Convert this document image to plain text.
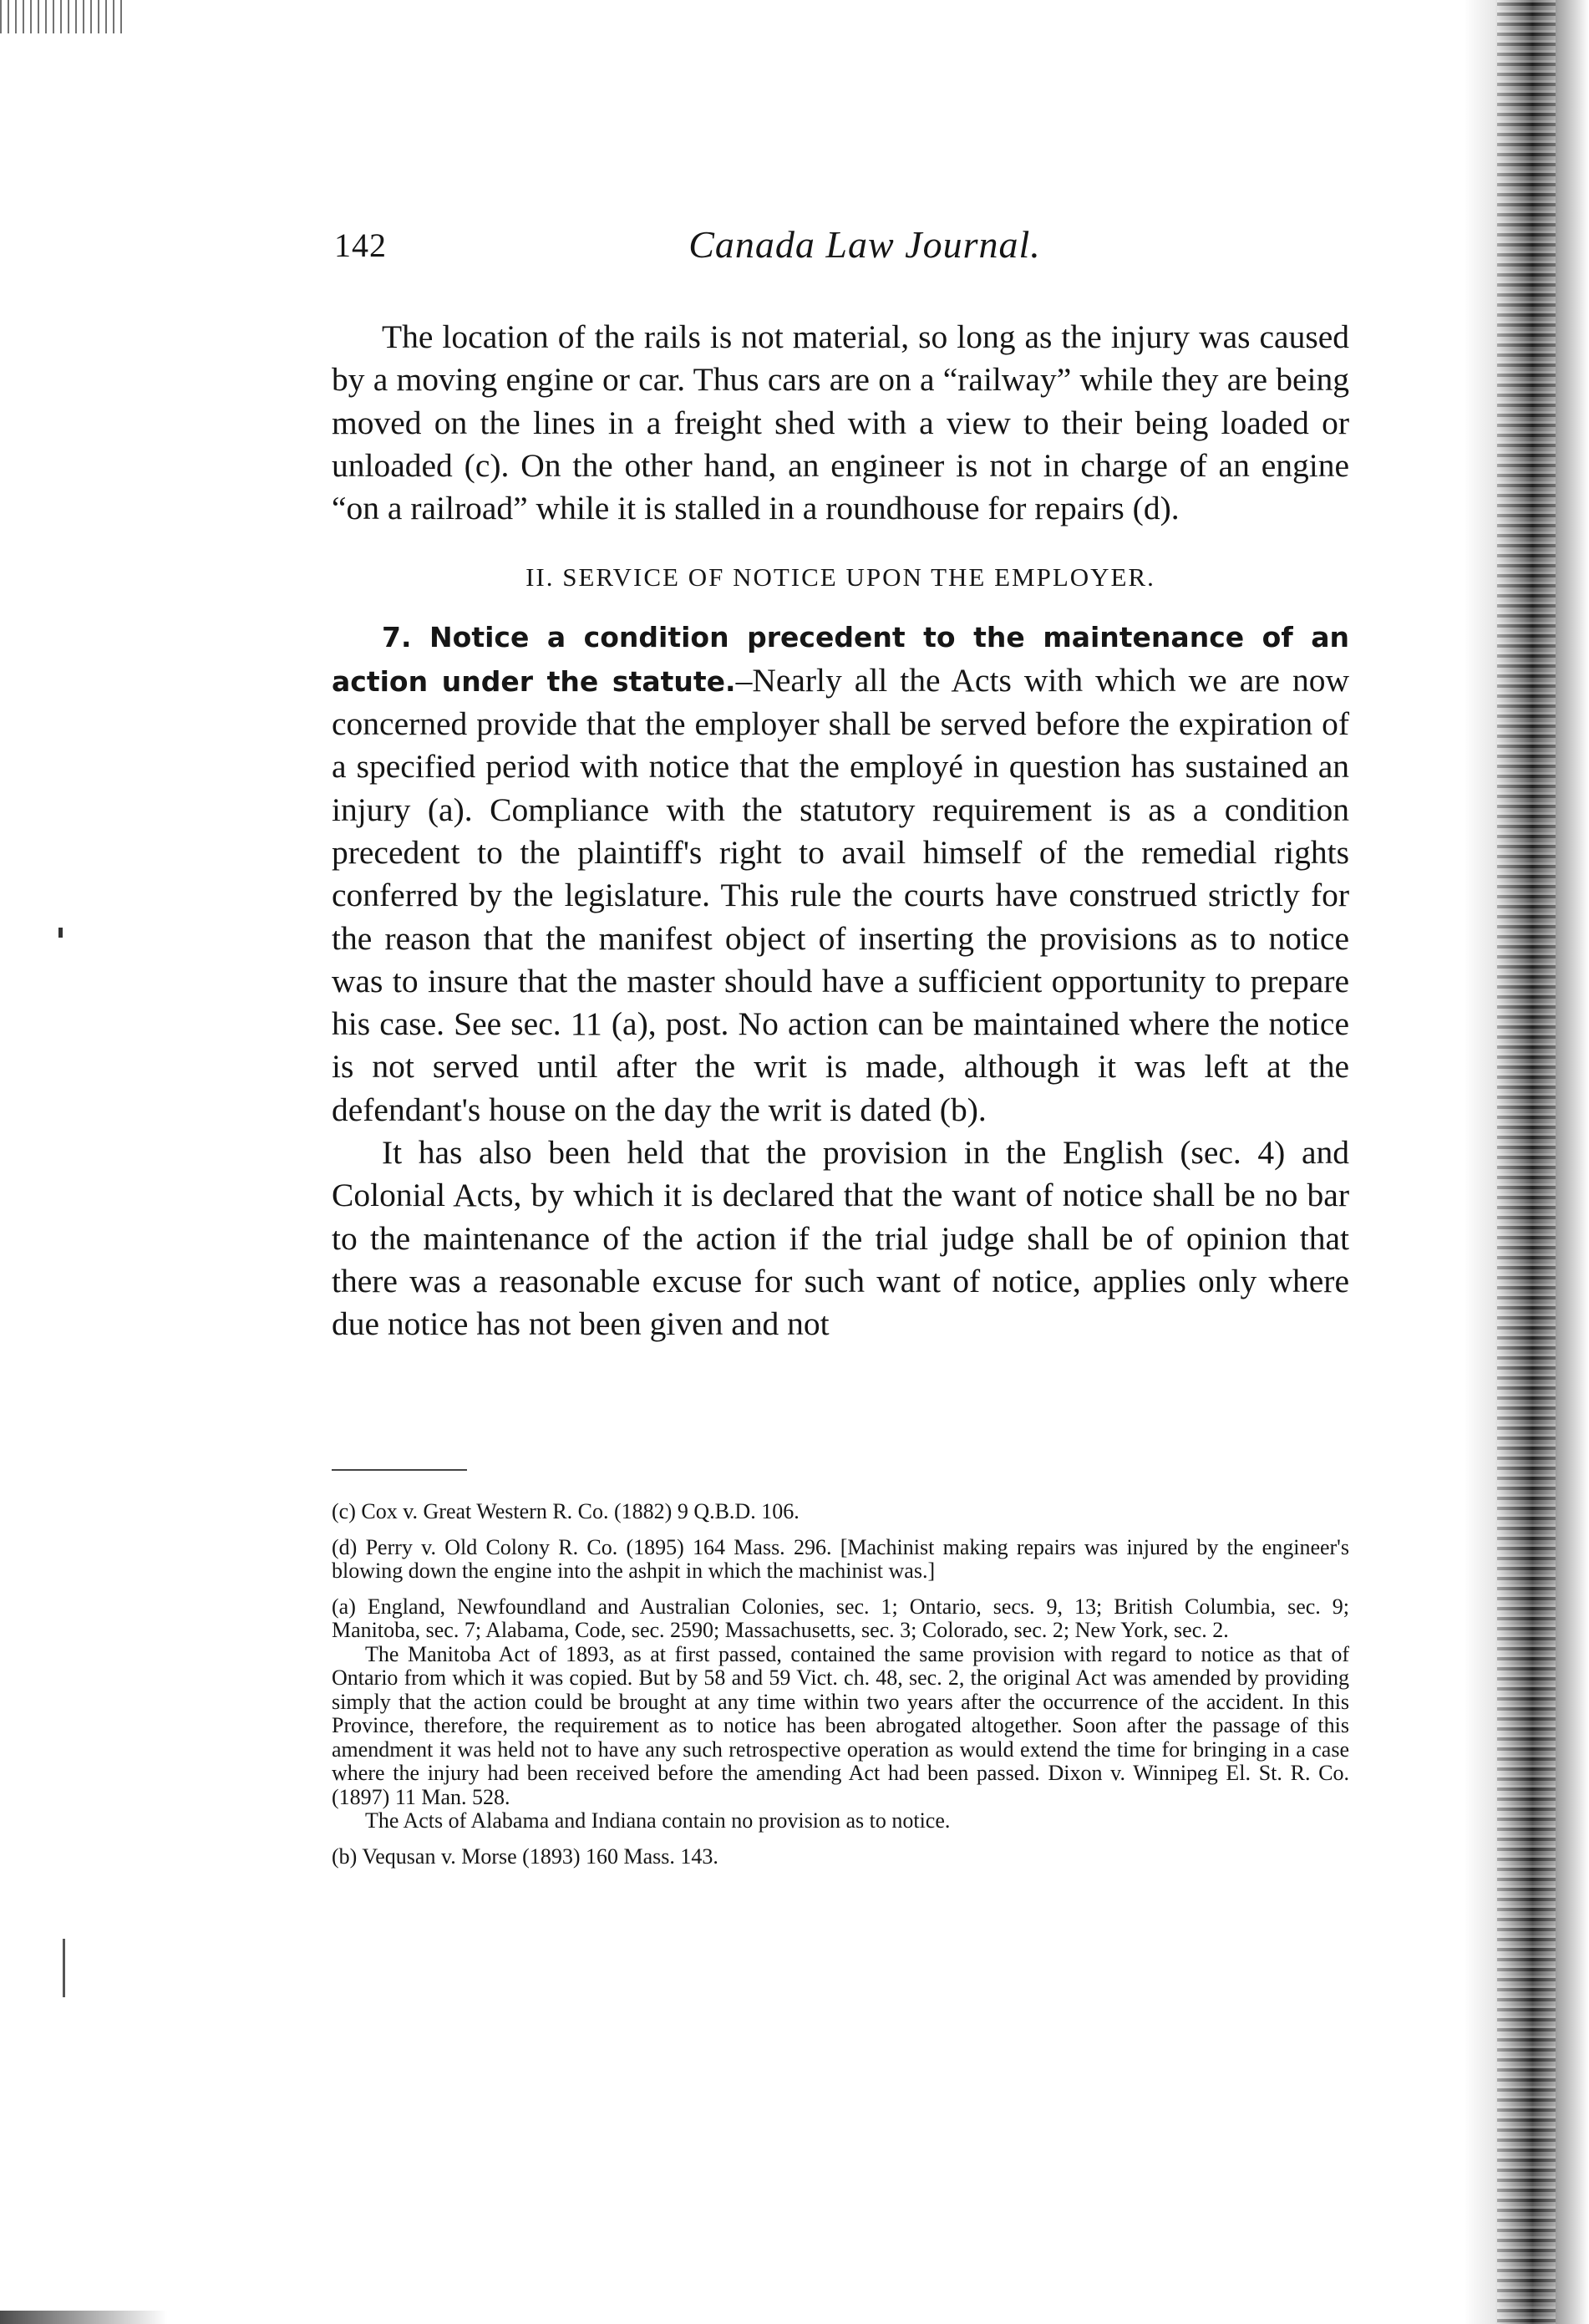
142	Canada Law Journal.

The location of the rails is not material, so long as the injury was caused by a moving engine or car. Thus cars are on a “railway” while they are being moved on the lines in a freight shed with a view to their being loaded or unloaded (c). On the other hand, an engineer is not in charge of an engine “on a railroad” while it is stalled in a roundhouse for repairs (d).

II. SERVICE OF NOTICE UPON THE EMPLOYER.

7. Notice a condition precedent to the maintenance of an action under the statute.–Nearly all the Acts with which we are now concerned provide that the employer shall be served before the expiration of a specified period with notice that the employé in question has sustained an injury (a). Compliance with the statutory requirement is as a condition precedent to the plaintiff's right to avail himself of the remedial rights conferred by the legislature. This rule the courts have construed strictly for the reason that the manifest object of inserting the provisions as to notice was to insure that the master should have a sufficient opportunity to prepare his case. See sec. 11 (a), post. No action can be maintained where the notice is not served until after the writ is made, although it was left at the defendant's house on the day the writ is dated (b).

It has also been held that the provision in the English (sec. 4) and Colonial Acts, by which it is declared that the want of notice shall be no bar to the maintenance of the action if the trial judge shall be of opinion that there was a reasonable excuse for such want of notice, applies only where due notice has not been given and not

(c) Cox v. Great Western R. Co. (1882) 9 Q.B.D. 106.

(d) Perry v. Old Colony R. Co. (1895) 164 Mass. 296. [Machinist making repairs was injured by the engineer's blowing down the engine into the ashpit in which the machinist was.]

(a) England, Newfoundland and Australian Colonies, sec. 1; Ontario, secs. 9, 13; British Columbia, sec. 9; Manitoba, sec. 7; Alabama, Code, sec. 2590; Massachusetts, sec. 3; Colorado, sec. 2; New York, sec. 2.

The Manitoba Act of 1893, as at first passed, contained the same provision with regard to notice as that of Ontario from which it was copied. But by 58 and 59 Vict. ch. 48, sec. 2, the original Act was amended by providing simply that the action could be brought at any time within two years after the occurrence of the accident. In this Province, therefore, the requirement as to notice has been abrogated altogether. Soon after the passage of this amendment it was held not to have any such retrospective operation as would extend the time for bringing in a case where the injury had been received before the amending Act had been passed. Dixon v. Winnipeg El. St. R. Co. (1897) 11 Man. 528.

The Acts of Alabama and Indiana contain no provision as to notice.

(b) Vequsan v. Morse (1893) 160 Mass. 143.
